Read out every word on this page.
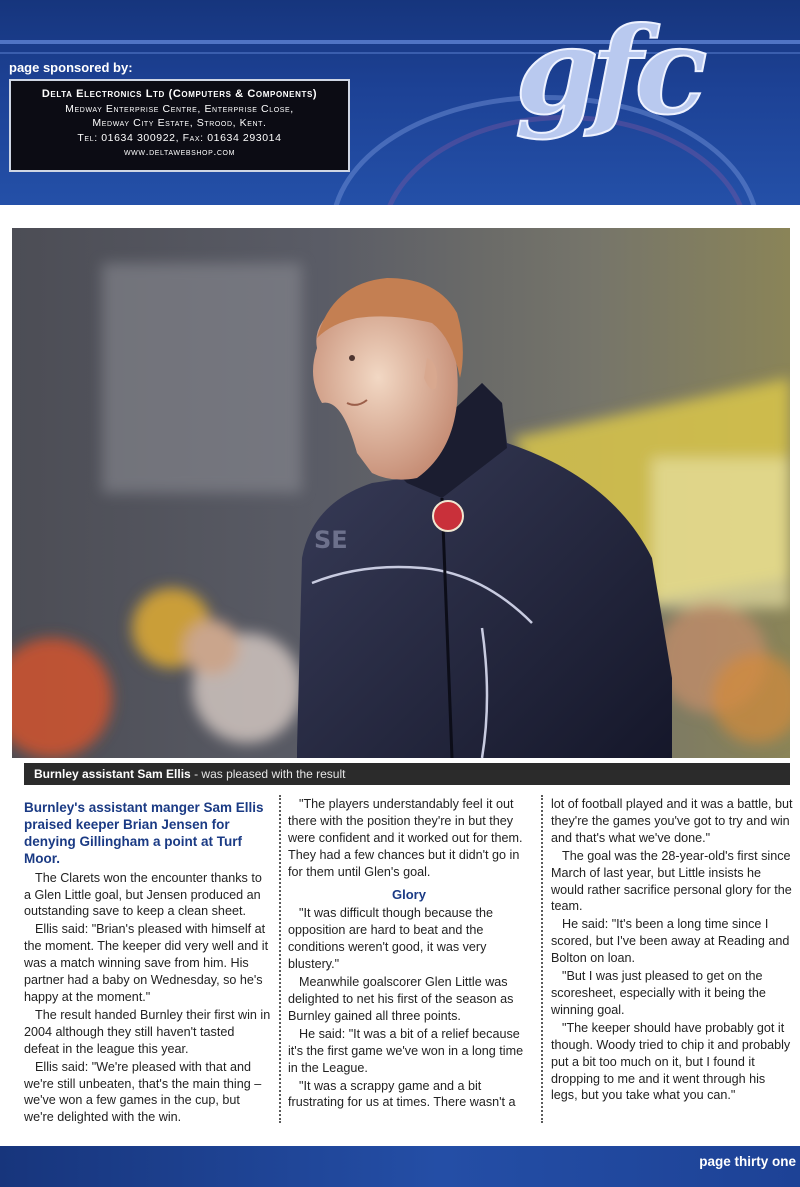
page sponsored by:
Delta Electronics Ltd (Computers & Components)
Medway Enterprise Centre, Enterprise Close,
Medway City Estate, Strood, Kent.
Tel: 01634 300922, Fax: 01634 293014
www.deltawebshop.com
gfc
SE
Burnley assistant Sam Ellis - was pleased with the result
Burnley's assistant manger Sam Ellis praised keeper Brian Jensen for denying Gillingham a point at Turf Moor.

The Clarets won the encounter thanks to a Glen Little goal, but Jensen produced an outstanding save to keep a clean sheet.

Ellis said: "Brian's pleased with himself at the moment. The keeper did very well and it was a match winning save from him. His partner had a baby on Wednesday, so he's happy at the moment."

The result handed Burnley their first win in 2004 although they still haven't tasted defeat in the league this year.

Ellis said: "We're pleased with that and we're still unbeaten, that's the main thing – we've won a few games in the cup, but we're delighted with the win.

"The players understandably feel it out there with the position they're in but they were confident and it worked out for them. They had a few chances but it didn't go in for them until Glen's goal.

Glory

"It was difficult though because the opposition are hard to beat and the conditions weren't good, it was very blustery."

Meanwhile goalscorer Glen Little was delighted to net his first of the season as Burnley gained all three points.

He said: "It was a bit of a relief because it's the first game we've won in a long time in the League.

"It was a scrappy game and a bit frustrating for us at times. There wasn't a

lot of football played and it was a battle, but they're the games you've got to try and win and that's what we've done."

The goal was the 28-year-old's first since March of last year, but Little insists he would rather sacrifice personal glory for the team.

He said: "It's been a long time since I scored, but I've been away at Reading and Bolton on loan.

"But I was just pleased to get on the scoresheet, especially with it being the winning goal.

"The keeper should have probably got it though. Woody tried to chip it and probably put a bit too much on it, but I found it dropping to me and it went through his legs, but you take what you can."

page thirty one
